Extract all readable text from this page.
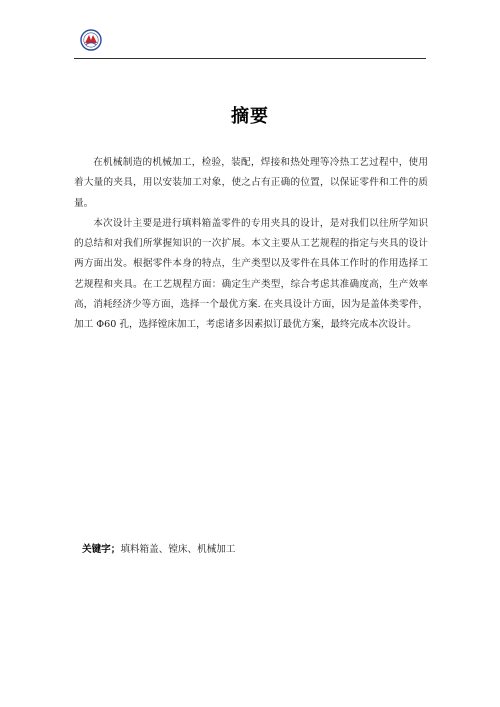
摘要

在机械制造的机械加工，检验，装配，焊接和热处理等冷热工艺过程中，使用着大量的夹具，用以安装加工对象，使之占有正确的位置，以保证零件和工件的质量。

本次设计主要是进行填料箱盖零件的专用夹具的设计，是对我们以往所学知识的总结和对我们所掌握知识的一次扩展。本文主要从工艺规程的指定与夹具的设计两方面出发。根据零件本身的特点，生产类型以及零件在具体工作时的作用选择工艺规程和夹具。在工艺规程方面：确定生产类型，综合考虑其准确度高，生产效率高，消耗经济少等方面，选择一个最优方案. 在夹具设计方面，因为是盖体类零件，加工 Φ60 孔，选择镗床加工，考虑诸多因素拟订最优方案，最终完成本次设计。

关键字；填料箱盖、镗床、机械加工
